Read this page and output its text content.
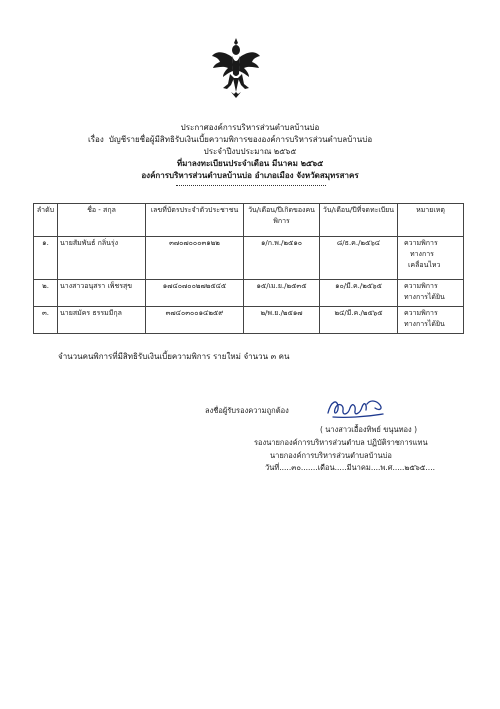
ประกาศองค์การบริหารส่วนตำบลบ้านบ่อ
เรื่อง บัญชีรายชื่อผู้มีสิทธิรับเงินเบี้ยความพิการขององค์การบริหารส่วนตำบลบ้านบ่อ
ประจำปีงบประมาณ ๒๕๖๕
ที่มาลงทะเบียนประจำเดือน มีนาคม ๒๕๖๕
องค์การบริหารส่วนตำบลบ้านบ่อ อำเภอเมือง จังหวัดสมุทรสาคร
ลำดับ	ชื่อ - สกุล	เลขที่บัตรประจำตัวประชาชน	วัน/เดือน/ปีเกิดของคนพิการ	วัน/เดือน/ปีที่จดทะเบียน	หมายเหตุ
๑.	นายสัมพันธ์ กลิ่นรุ่ง	๓๗๐๗๐๐๐๓๑๒๒	๑/ก.พ./๒๕๑๐	๘/ธ.ค./๒๕๖๔	ความพิการ
ทางการ
เคลื่อนไหว

๒.	นางสาวอนุสรา เพ็ชรสุข	๑๗๔๐๗๐๐๒๗๒๕๔๕	๑๕/เม.ย./๒๕๓๕	๑๐/มี.ค./๒๕๖๕	ความพิการ
ทางการได้ยิน

๓.	นายสมัคร ธรรมมีกุล	๓๗๔๐๓๐๐๑๔๒๕๙	๒/พ.ย./๒๕๑๗	๒๔/มี.ค./๒๕๖๕	ความพิการ
ทางการได้ยิน
จำนวนคนพิการที่มีสิทธิรับเงินเบี้ยความพิการ รายใหม่ จำนวน ๓ คน
ลงชื่อผู้รับรองความถูกต้อง
( นางสาวเอื้องทิพย์ ขนุนทอง )
รองนายกองค์การบริหารส่วนตำบล ปฏิบัติราชการแทน
นายกองค์การบริหารส่วนตำบลบ้านบ่อ
วันที่.....๓๐.......เดือน.....มีนาคม....พ.ศ.....๒๕๖๕....
